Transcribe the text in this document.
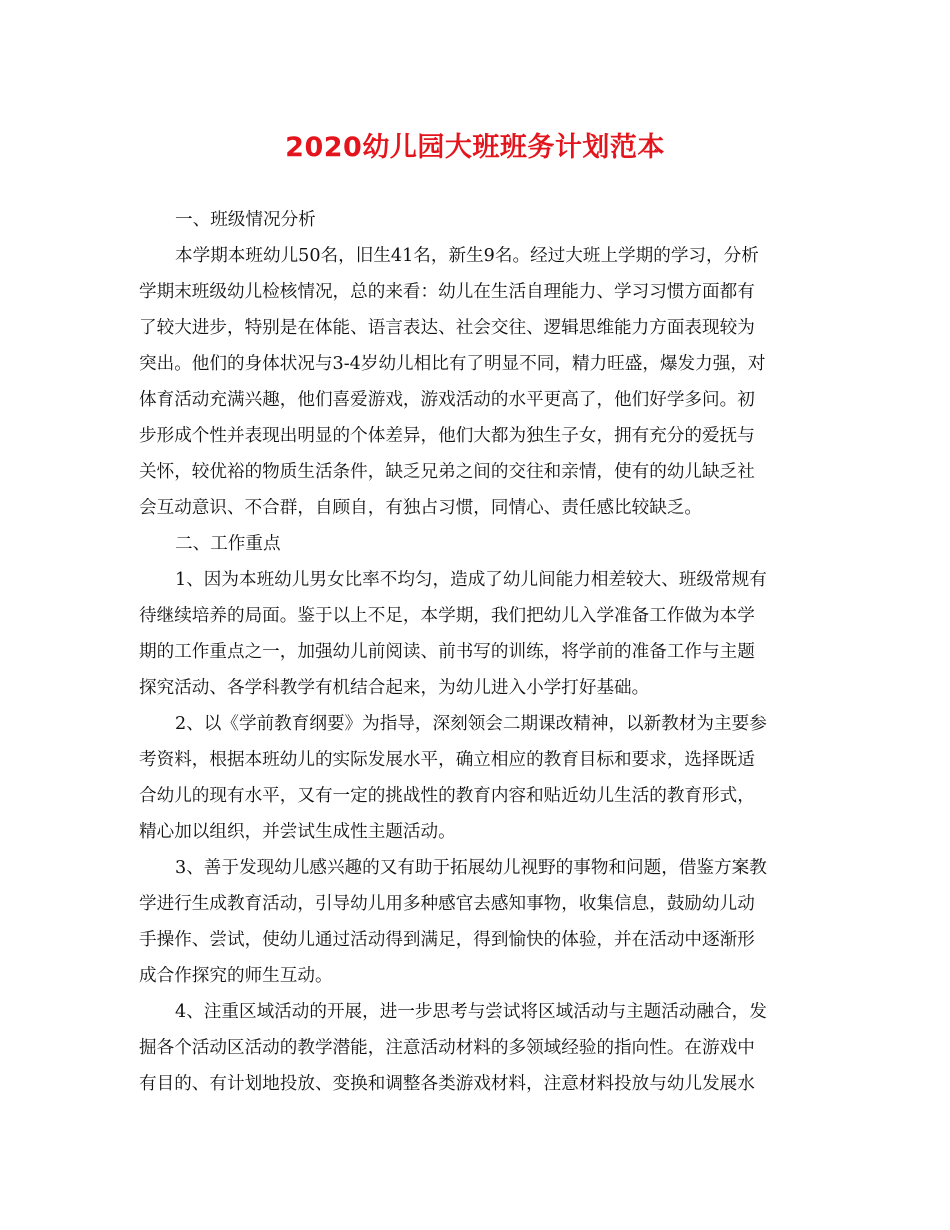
2020幼儿园大班班务计划范本
一、班级情况分析
本学期本班幼儿50名，旧生41名，新生9名。经过大班上学期的学习，分析
学期末班级幼儿检核情况，总的来看：幼儿在生活自理能力、学习习惯方面都有
了较大进步，特别是在体能、语言表达、社会交往、逻辑思维能力方面表现较为
突出。他们的身体状况与3-4岁幼儿相比有了明显不同，精力旺盛，爆发力强，对
体育活动充满兴趣，他们喜爱游戏，游戏活动的水平更高了，他们好学多问。初
步形成个性并表现出明显的个体差异，他们大都为独生子女，拥有充分的爱抚与
关怀，较优裕的物质生活条件，缺乏兄弟之间的交往和亲情，使有的幼儿缺乏社
会互动意识、不合群，自顾自，有独占习惯，同情心、责任感比较缺乏。
二、工作重点
1、因为本班幼儿男女比率不均匀，造成了幼儿间能力相差较大、班级常规有
待继续培养的局面。鉴于以上不足，本学期，我们把幼儿入学准备工作做为本学
期的工作重点之一，加强幼儿前阅读、前书写的训练，将学前的准备工作与主题
探究活动、各学科教学有机结合起来，为幼儿进入小学打好基础。
2、以《学前教育纲要》为指导，深刻领会二期课改精神，以新教材为主要参
考资料，根据本班幼儿的实际发展水平，确立相应的教育目标和要求，选择既适
合幼儿的现有水平，又有一定的挑战性的教育内容和贴近幼儿生活的教育形式，
精心加以组织，并尝试生成性主题活动。
3、善于发现幼儿感兴趣的又有助于拓展幼儿视野的事物和问题，借鉴方案教
学进行生成教育活动，引导幼儿用多种感官去感知事物，收集信息，鼓励幼儿动
手操作、尝试，使幼儿通过活动得到满足，得到愉快的体验，并在活动中逐渐形
成合作探究的师生互动。
4、注重区域活动的开展，进一步思考与尝试将区域活动与主题活动融合，发
掘各个活动区活动的教学潜能，注意活动材料的多领域经验的指向性。在游戏中
有目的、有计划地投放、变换和调整各类游戏材料，注意材料投放与幼儿发展水
